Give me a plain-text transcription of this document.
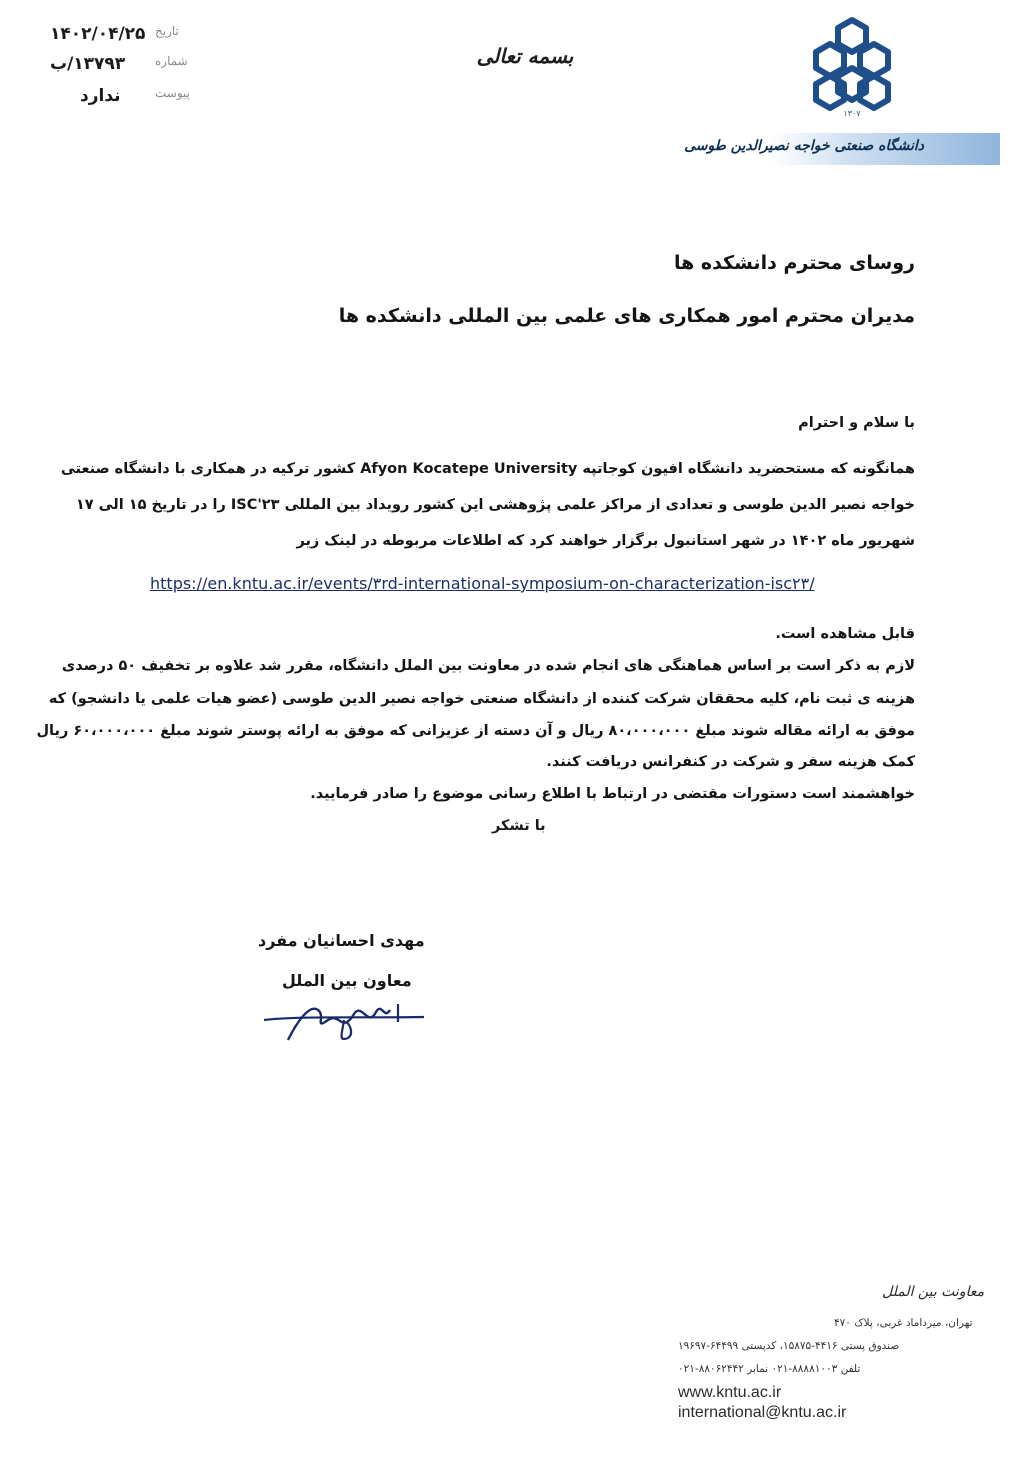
۱۴۰۲/۰۴/۲۵ تاریخ
۱۳۷۹۳/ب شماره
ندارد	پیوست
بسمه تعالی
۱۳۰۷
دانشگاه صنعتی خواجه نصیرالدین طوسی
روسای محترم دانشکده ها
مدیران محترم امور همکاری های علمی بین المللی دانشکده ها
با سلام و احترام
همانگونه که مستحضرید دانشگاه افیون کوجاتپه Afyon Kocatepe University کشور ترکیه در همکاری با دانشگاه صنعتی
خواجه نصیر الدین طوسی و تعدادی از مراکز علمی پژوهشی این کشور رویداد بین المللی ISC'۲۳ را در تاریخ ۱۵ الی ۱۷
شهریور ماه ۱۴۰۲ در شهر استانبول برگزار خواهند کرد که اطلاعات مربوطه در لینک زیر
https://en.kntu.ac.ir/events/۳rd-international-symposium-on-characterization-isc۲۳/
قابل مشاهده است.
لازم به ذکر است بر اساس هماهنگی های انجام شده در معاونت بین الملل دانشگاه، مقرر شد علاوه بر تخفیف ۵۰ درصدی
هزینه ی ثبت نام، کلیه محققان شرکت کننده از دانشگاه صنعتی خواجه نصیر الدین طوسی (عضو هیات علمی یا دانشجو) که
موفق به ارائه مقاله شوند مبلغ ۸۰،۰۰۰،۰۰۰ ریال و آن دسته از عزیزانی که موفق به ارائه پوستر شوند مبلغ ۶۰،۰۰۰،۰۰۰ ریال
کمک هزینه سفر و شرکت در کنفرانس دریافت کنند.
خواهشمند است دستورات مقتضی در ارتباط با اطلاع رسانی موضوع را صادر فرمایید.
با تشکر
مهدی احسانیان مفرد
معاون بین الملل
معاونت بین الملل
تهران، میرداماد غربی، پلاک ۴۷۰
صندوق پستی ۴۴۱۶-۱۵۸۷۵، کدپستی ۶۴۴۹۹-۱۹۶۹۷
تلفن ۸۸۸۸۱۰۰۳-۰۲۱ نمابر ۸۸۰۶۲۴۴۲-۰۲۱
www.kntu.ac.ir
international@kntu.ac.ir
